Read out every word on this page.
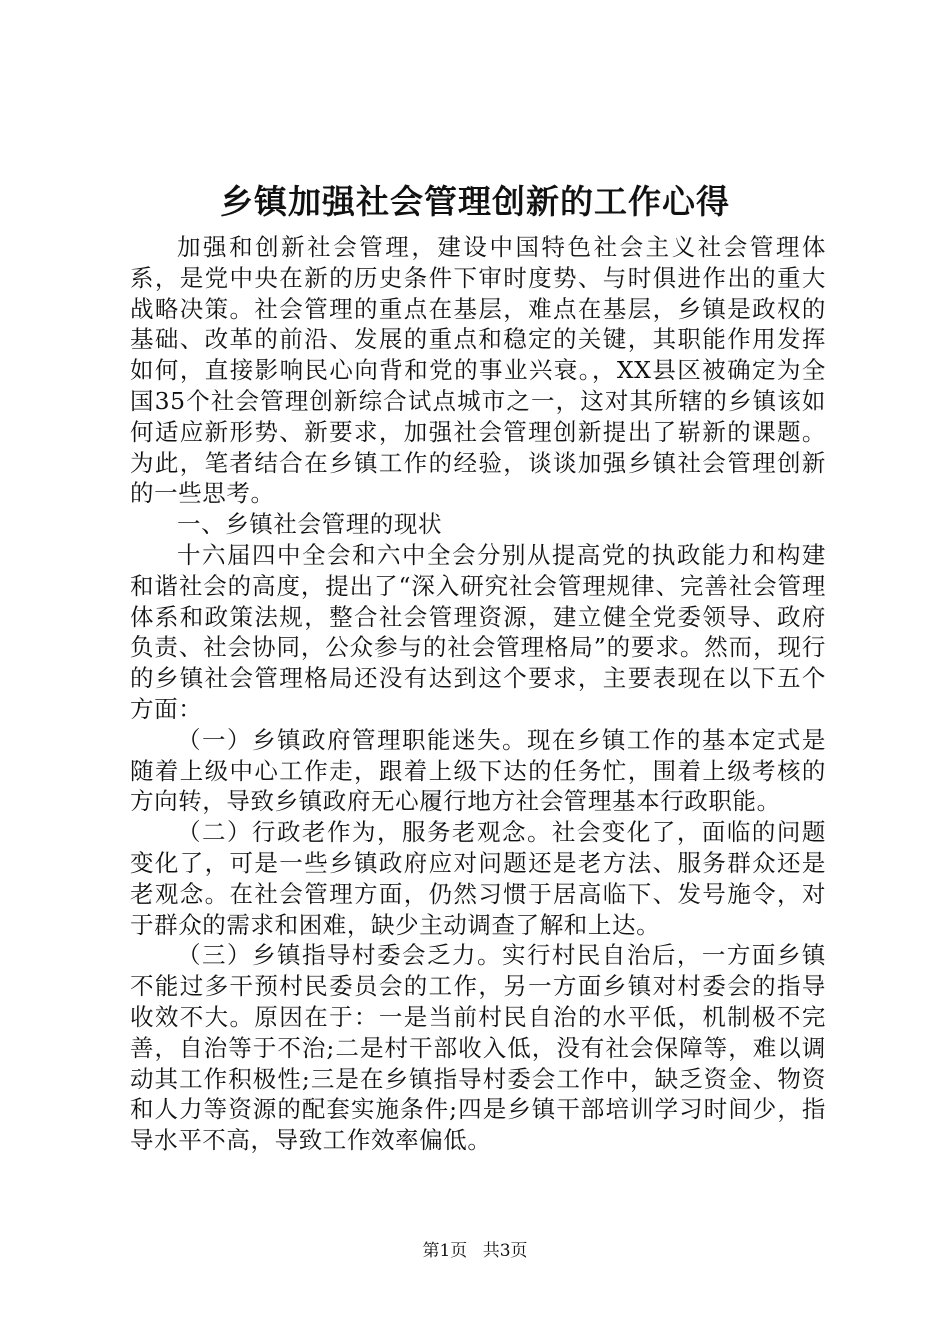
乡镇加强社会管理创新的工作心得

加强和创新社会管理，建设中国特色社会主义社会管理体系，是党中央在新的历史条件下审时度势、与时俱进作出的重大战略决策。社会管理的重点在基层，难点在基层，乡镇是政权的基础、改革的前沿、发展的重点和稳定的关键，其职能作用发挥如何，直接影响民心向背和党的事业兴衰。，XX县区被确定为全国35个社会管理创新综合试点城市之一，这对其所辖的乡镇该如何适应新形势、新要求，加强社会管理创新提出了崭新的课题。为此，笔者结合在乡镇工作的经验，谈谈加强乡镇社会管理创新的一些思考。

一、乡镇社会管理的现状

十六届四中全会和六中全会分别从提高党的执政能力和构建和谐社会的高度，提出了“深入研究社会管理规律、完善社会管理体系和政策法规，整合社会管理资源，建立健全党委领导、政府负责、社会协同，公众参与的社会管理格局”的要求。然而，现行的乡镇社会管理格局还没有达到这个要求，主要表现在以下五个方面：

（一）乡镇政府管理职能迷失。现在乡镇工作的基本定式是随着上级中心工作走，跟着上级下达的任务忙，围着上级考核的方向转，导致乡镇政府无心履行地方社会管理基本行政职能。

（二）行政老作为，服务老观念。社会变化了，面临的问题变化了，可是一些乡镇政府应对问题还是老方法、服务群众还是老观念。在社会管理方面，仍然习惯于居高临下、发号施令，对于群众的需求和困难，缺少主动调查了解和上达。

（三）乡镇指导村委会乏力。实行村民自治后，一方面乡镇不能过多干预村民委员会的工作，另一方面乡镇对村委会的指导收效不大。原因在于：一是当前村民自治的水平低，机制极不完善，自治等于不治;二是村干部收入低，没有社会保障等，难以调动其工作积极性;三是在乡镇指导村委会工作中，缺乏资金、物资和人力等资源的配套实施条件;四是乡镇干部培训学习时间少，指导水平不高，导致工作效率偏低。

第1页 共3页
